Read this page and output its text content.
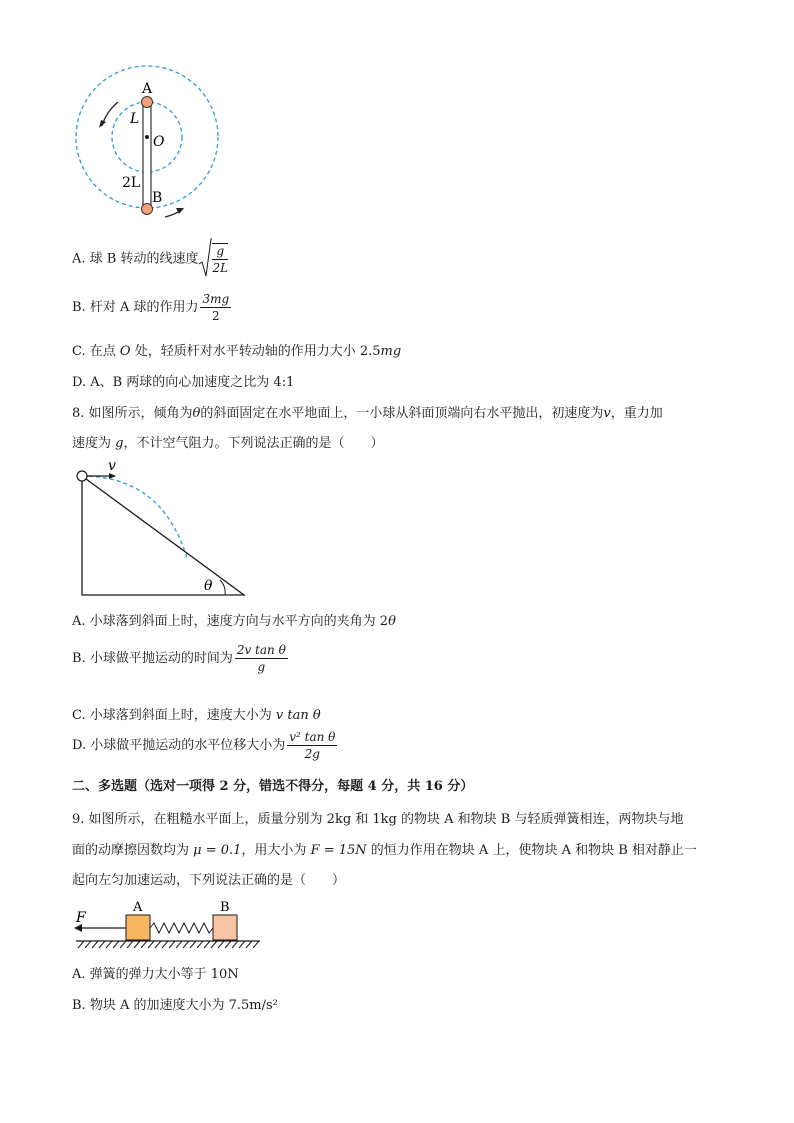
A
L
O
2L
B
A. 球 B 转动的线速度 $\frac{g}{2L}$
B. 杆对 A 球的作用力 $\frac{3mg}{2}$
C. 在点 O 处，轻质杆对水平转动轴的作用力大小 2.5mg
D. A、B 两球的向心加速度之比为 4:1
8. 如图所示，倾角为θ的斜面固定在水平地面上，一小球从斜面顶端向右水平抛出，初速度为v，重力加
速度为 g，不计空气阻力。下列说法正确的是（　　）
v
θ
A. 小球落到斜面上时，速度方向与水平方向的夹角为 2θ
B. 小球做平抛运动的时间为 $\frac{\text{2v tan θ}}{g}$
C. 小球落到斜面上时，速度大小为 v tan θ
D. 小球做平抛运动的水平位移大小为 $\frac{\text{v² tan θ}}{2g}$
二、多选题（选对一项得 2 分，错选不得分，每题 4 分，共 16 分）
9. 如图所示，在粗糙水平面上，质量分别为 2kg 和 1kg 的物块 A 和物块 B 与轻质弹簧相连，两物块与地
面的动摩擦因数均为 μ = 0.1，用大小为 F = 15N 的恒力作用在物块 A 上，使物块 A 和物块 B 相对静止一
起向左匀加速运动，下列说法正确的是（　　）
F
A	B
A. 弹簧的弹力大小等于 10N
B. 物块 A 的加速度大小为 7.5m/s²
